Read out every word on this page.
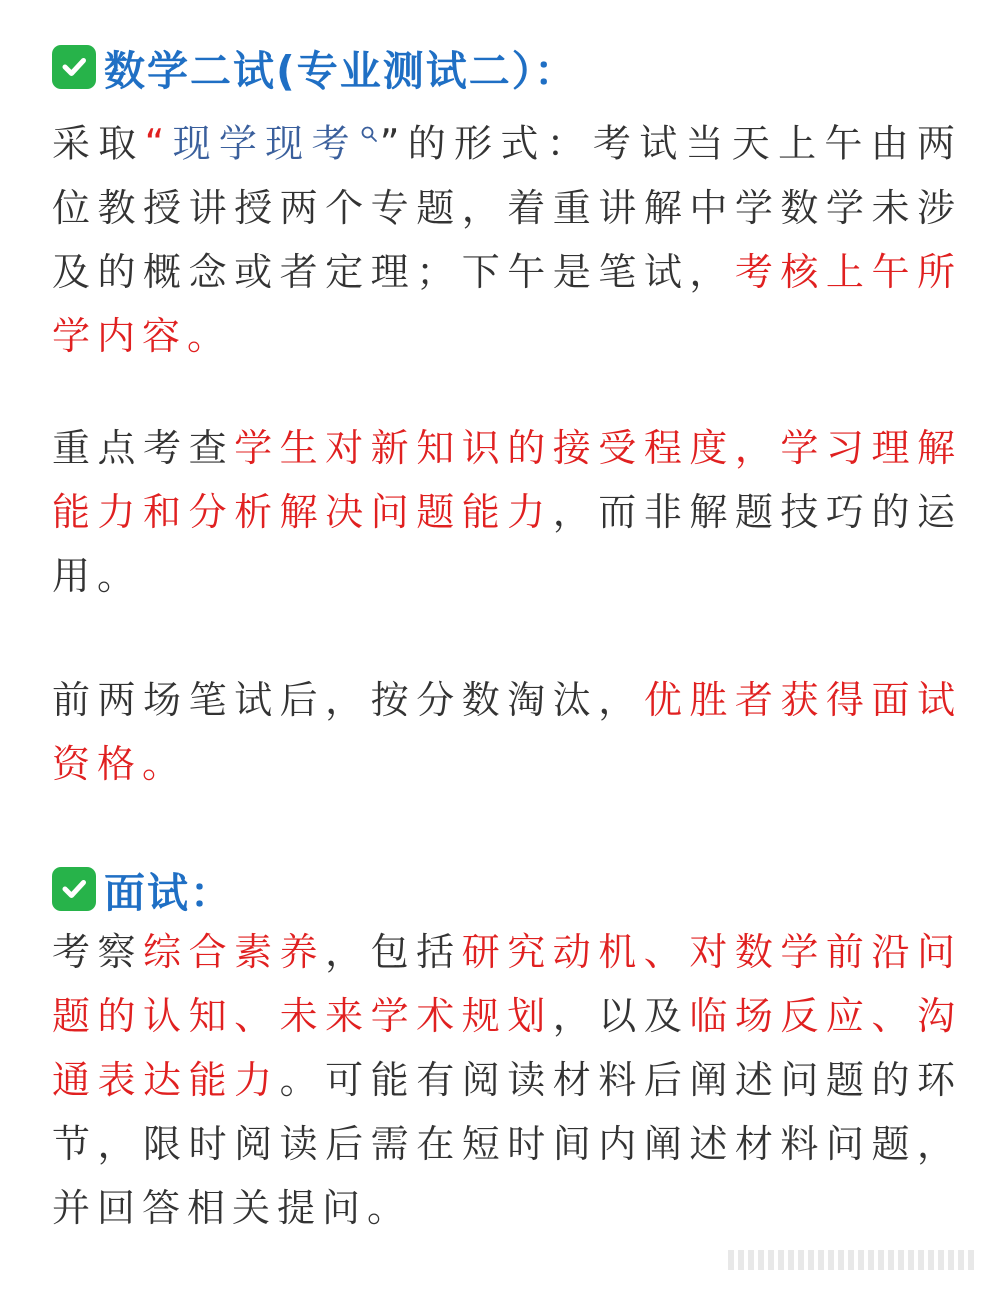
数学二试(专业测试二）：

采取“现学现考 ”的形式：考试当天上午由两位教授讲授两个专题，着重讲解中学数学未涉及的概念或者定理；下午是笔试，考核上午所学内容。

重点考查学生对新知识的接受程度，学习理解能力和分析解决问题能力，而非解题技巧的运用。

前两场笔试后，按分数淘汰，优胜者获得面试资格。

面试：

考察综合素养，包括研究动机、对数学前沿问题的认知、未来学术规划，以及临场反应、沟通表达能力。可能有阅读材料后阐述问题的环节，限时阅读后需在短时间内阐述材料问题，并回答相关提问。
